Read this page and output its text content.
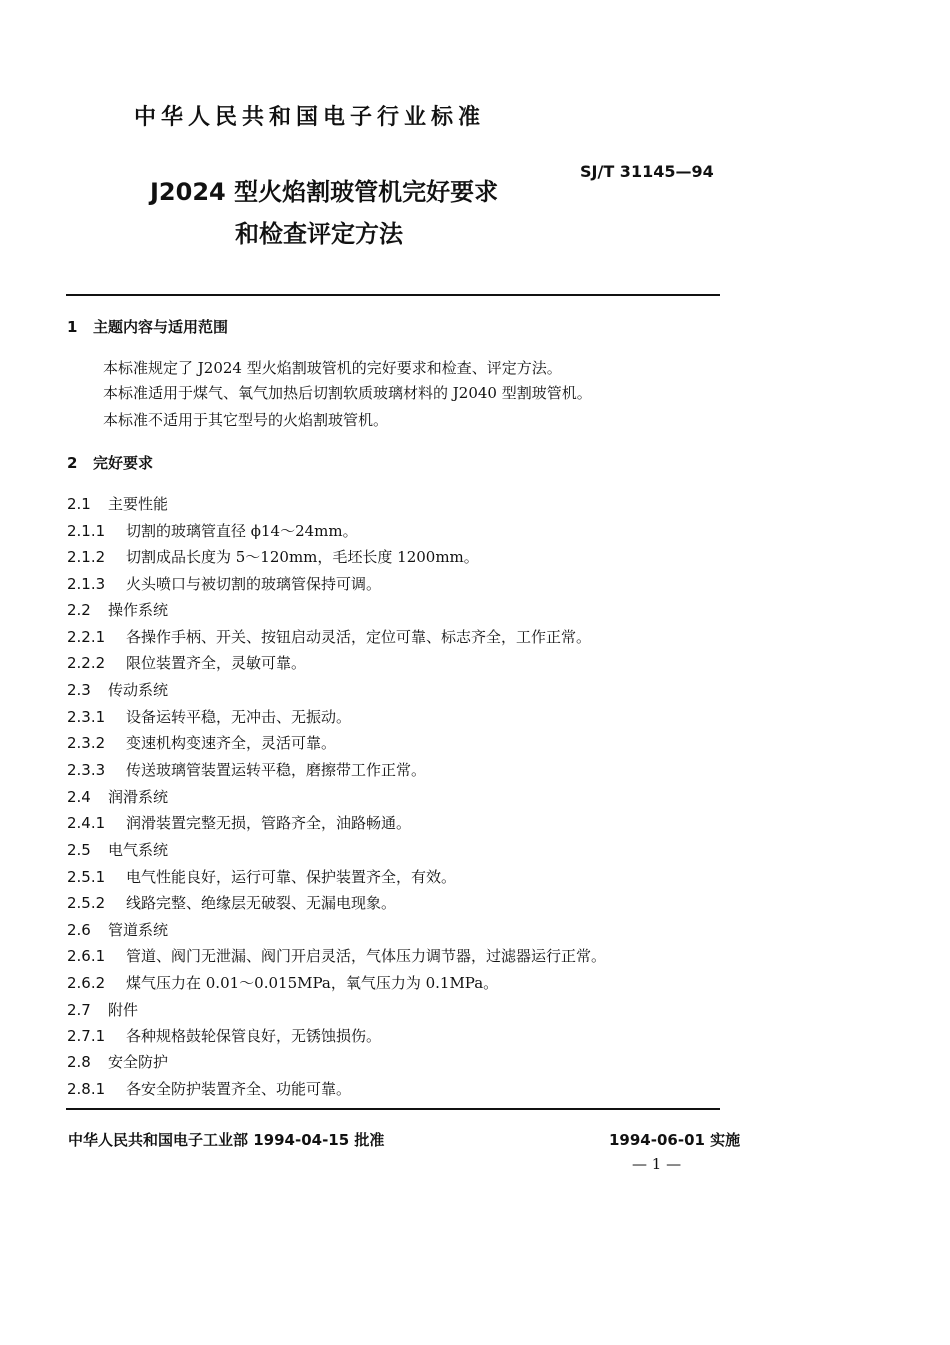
中华人民共和国电子行业标准
SJ/T 31145—94
J2024 型火焰割玻管机完好要求
和检查评定方法
1 主题内容与适用范围
本标准规定了 J2024 型火焰割玻管机的完好要求和检查、评定方法。
本标准适用于煤气、氧气加热后切割软质玻璃材料的 J2040 型割玻管机。
本标准不适用于其它型号的火焰割玻管机。
2 完好要求
2.1 主要性能
2.1.1 切割的玻璃管直径 ϕ14～24mm。
2.1.2 切割成品长度为 5～120mm，毛坯长度 1200mm。
2.1.3 火头喷口与被切割的玻璃管保持可调。
2.2 操作系统
2.2.1 各操作手柄、开关、按钮启动灵活，定位可靠、标志齐全，工作正常。
2.2.2 限位装置齐全，灵敏可靠。
2.3 传动系统
2.3.1 设备运转平稳，无冲击、无振动。
2.3.2 变速机构变速齐全，灵活可靠。
2.3.3 传送玻璃管装置运转平稳，磨擦带工作正常。
2.4 润滑系统
2.4.1 润滑装置完整无损，管路齐全，油路畅通。
2.5 电气系统
2.5.1 电气性能良好，运行可靠、保护装置齐全，有效。
2.5.2 线路完整、绝缘层无破裂、无漏电现象。
2.6 管道系统
2.6.1 管道、阀门无泄漏、阀门开启灵活，气体压力调节器，过滤器运行正常。
2.6.2 煤气压力在 0.01～0.015MPa，氧气压力为 0.1MPa。
2.7 附件
2.7.1 各种规格鼓轮保管良好，无锈蚀损伤。
2.8 安全防护
2.8.1 各安全防护装置齐全、功能可靠。
中华人民共和国电子工业部 1994-04-15 批准	1994-06-01 实施
— 1 —
